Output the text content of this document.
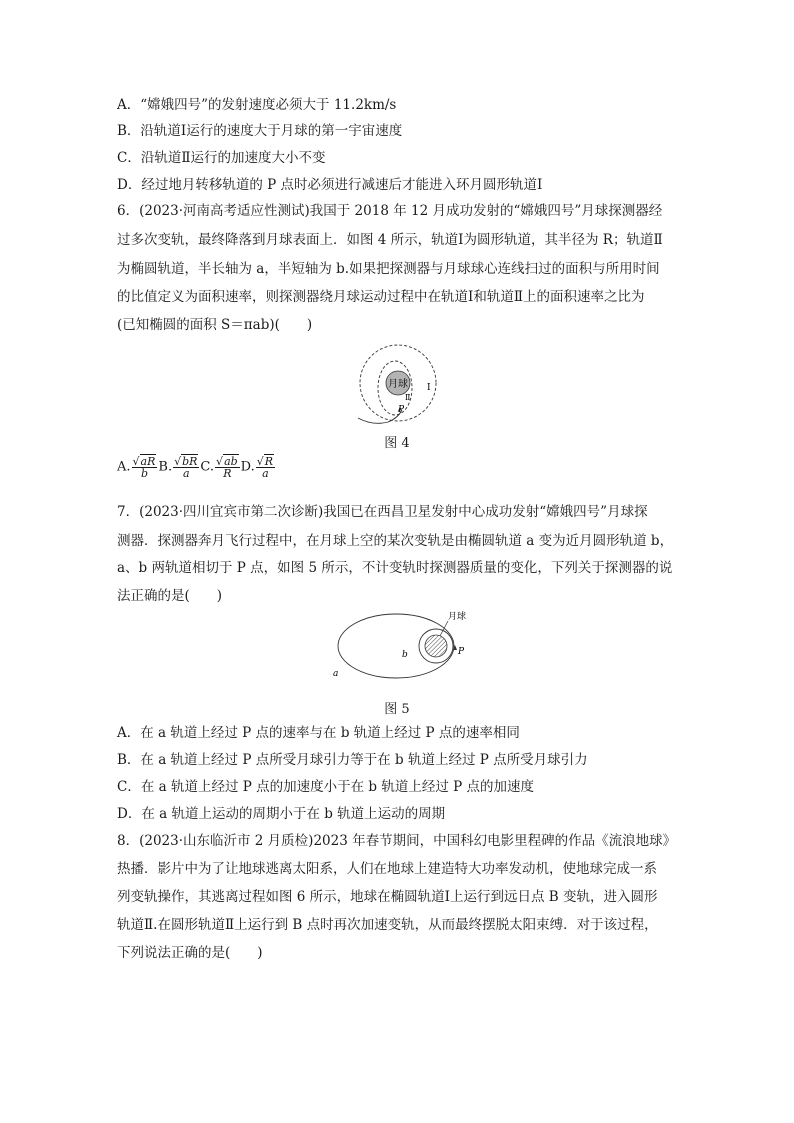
A．“嫦娥四号”的发射速度必须大于 11.2km/s
B．沿轨道Ⅰ运行的速度大于月球的第一宇宙速度
C．沿轨道Ⅱ运行的加速度大小不变
D．经过地月转移轨道的 P 点时必须进行减速后才能进入环月圆形轨道Ⅰ
6．(2023·河南高考适应性测试)我国于 2018 年 12 月成功发射的“嫦娥四号”月球探测器经
过多次变轨，最终降落到月球表面上．如图 4 所示，轨道Ⅰ为圆形轨道，其半径为 R；轨道Ⅱ
为椭圆轨道，半长轴为 a，半短轴为 b.如果把探测器与月球球心连线扫过的面积与所用时间
的比值定义为面积速率，则探测器绕月球运动过程中在轨道Ⅰ和轨道Ⅱ上的面积速率之比为
(已知椭圆的面积 S＝πab)(　　)
月球 Ⅰ
Ⅱ
P
图 4
A. $\frac{√aR}{b} B$. $\frac{√bR}{a} C$. $\frac{√ab}{R} D$. $\frac{√R}{a}$
7．(2023·四川宜宾市第二次诊断)我国已在西昌卫星发射中心成功发射“嫦娥四号”月球探
测器．探测器奔月飞行过程中，在月球上空的某次变轨是由椭圆轨道 a 变为近月圆形轨道 b，
a、b 两轨道相切于 P 点，如图 5 所示，不计变轨时探测器质量的变化，下列关于探测器的说
法正确的是(　　)
月球
b
a
P
图 5
A．在 a 轨道上经过 P 点的速率与在 b 轨道上经过 P 点的速率相同
B．在 a 轨道上经过 P 点所受月球引力等于在 b 轨道上经过 P 点所受月球引力
C．在 a 轨道上经过 P 点的加速度小于在 b 轨道上经过 P 点的加速度
D．在 a 轨道上运动的周期小于在 b 轨道上运动的周期
8．(2023·山东临沂市 2 月质检)2023 年春节期间，中国科幻电影里程碑的作品《流浪地球》
热播．影片中为了让地球逃离太阳系，人们在地球上建造特大功率发动机，使地球完成一系
列变轨操作，其逃离过程如图 6 所示，地球在椭圆轨道Ⅰ上运行到远日点 B 变轨，进入圆形
轨道Ⅱ.在圆形轨道Ⅱ上运行到 B 点时再次加速变轨，从而最终摆脱太阳束缚．对于该过程，
下列说法正确的是(　　)
